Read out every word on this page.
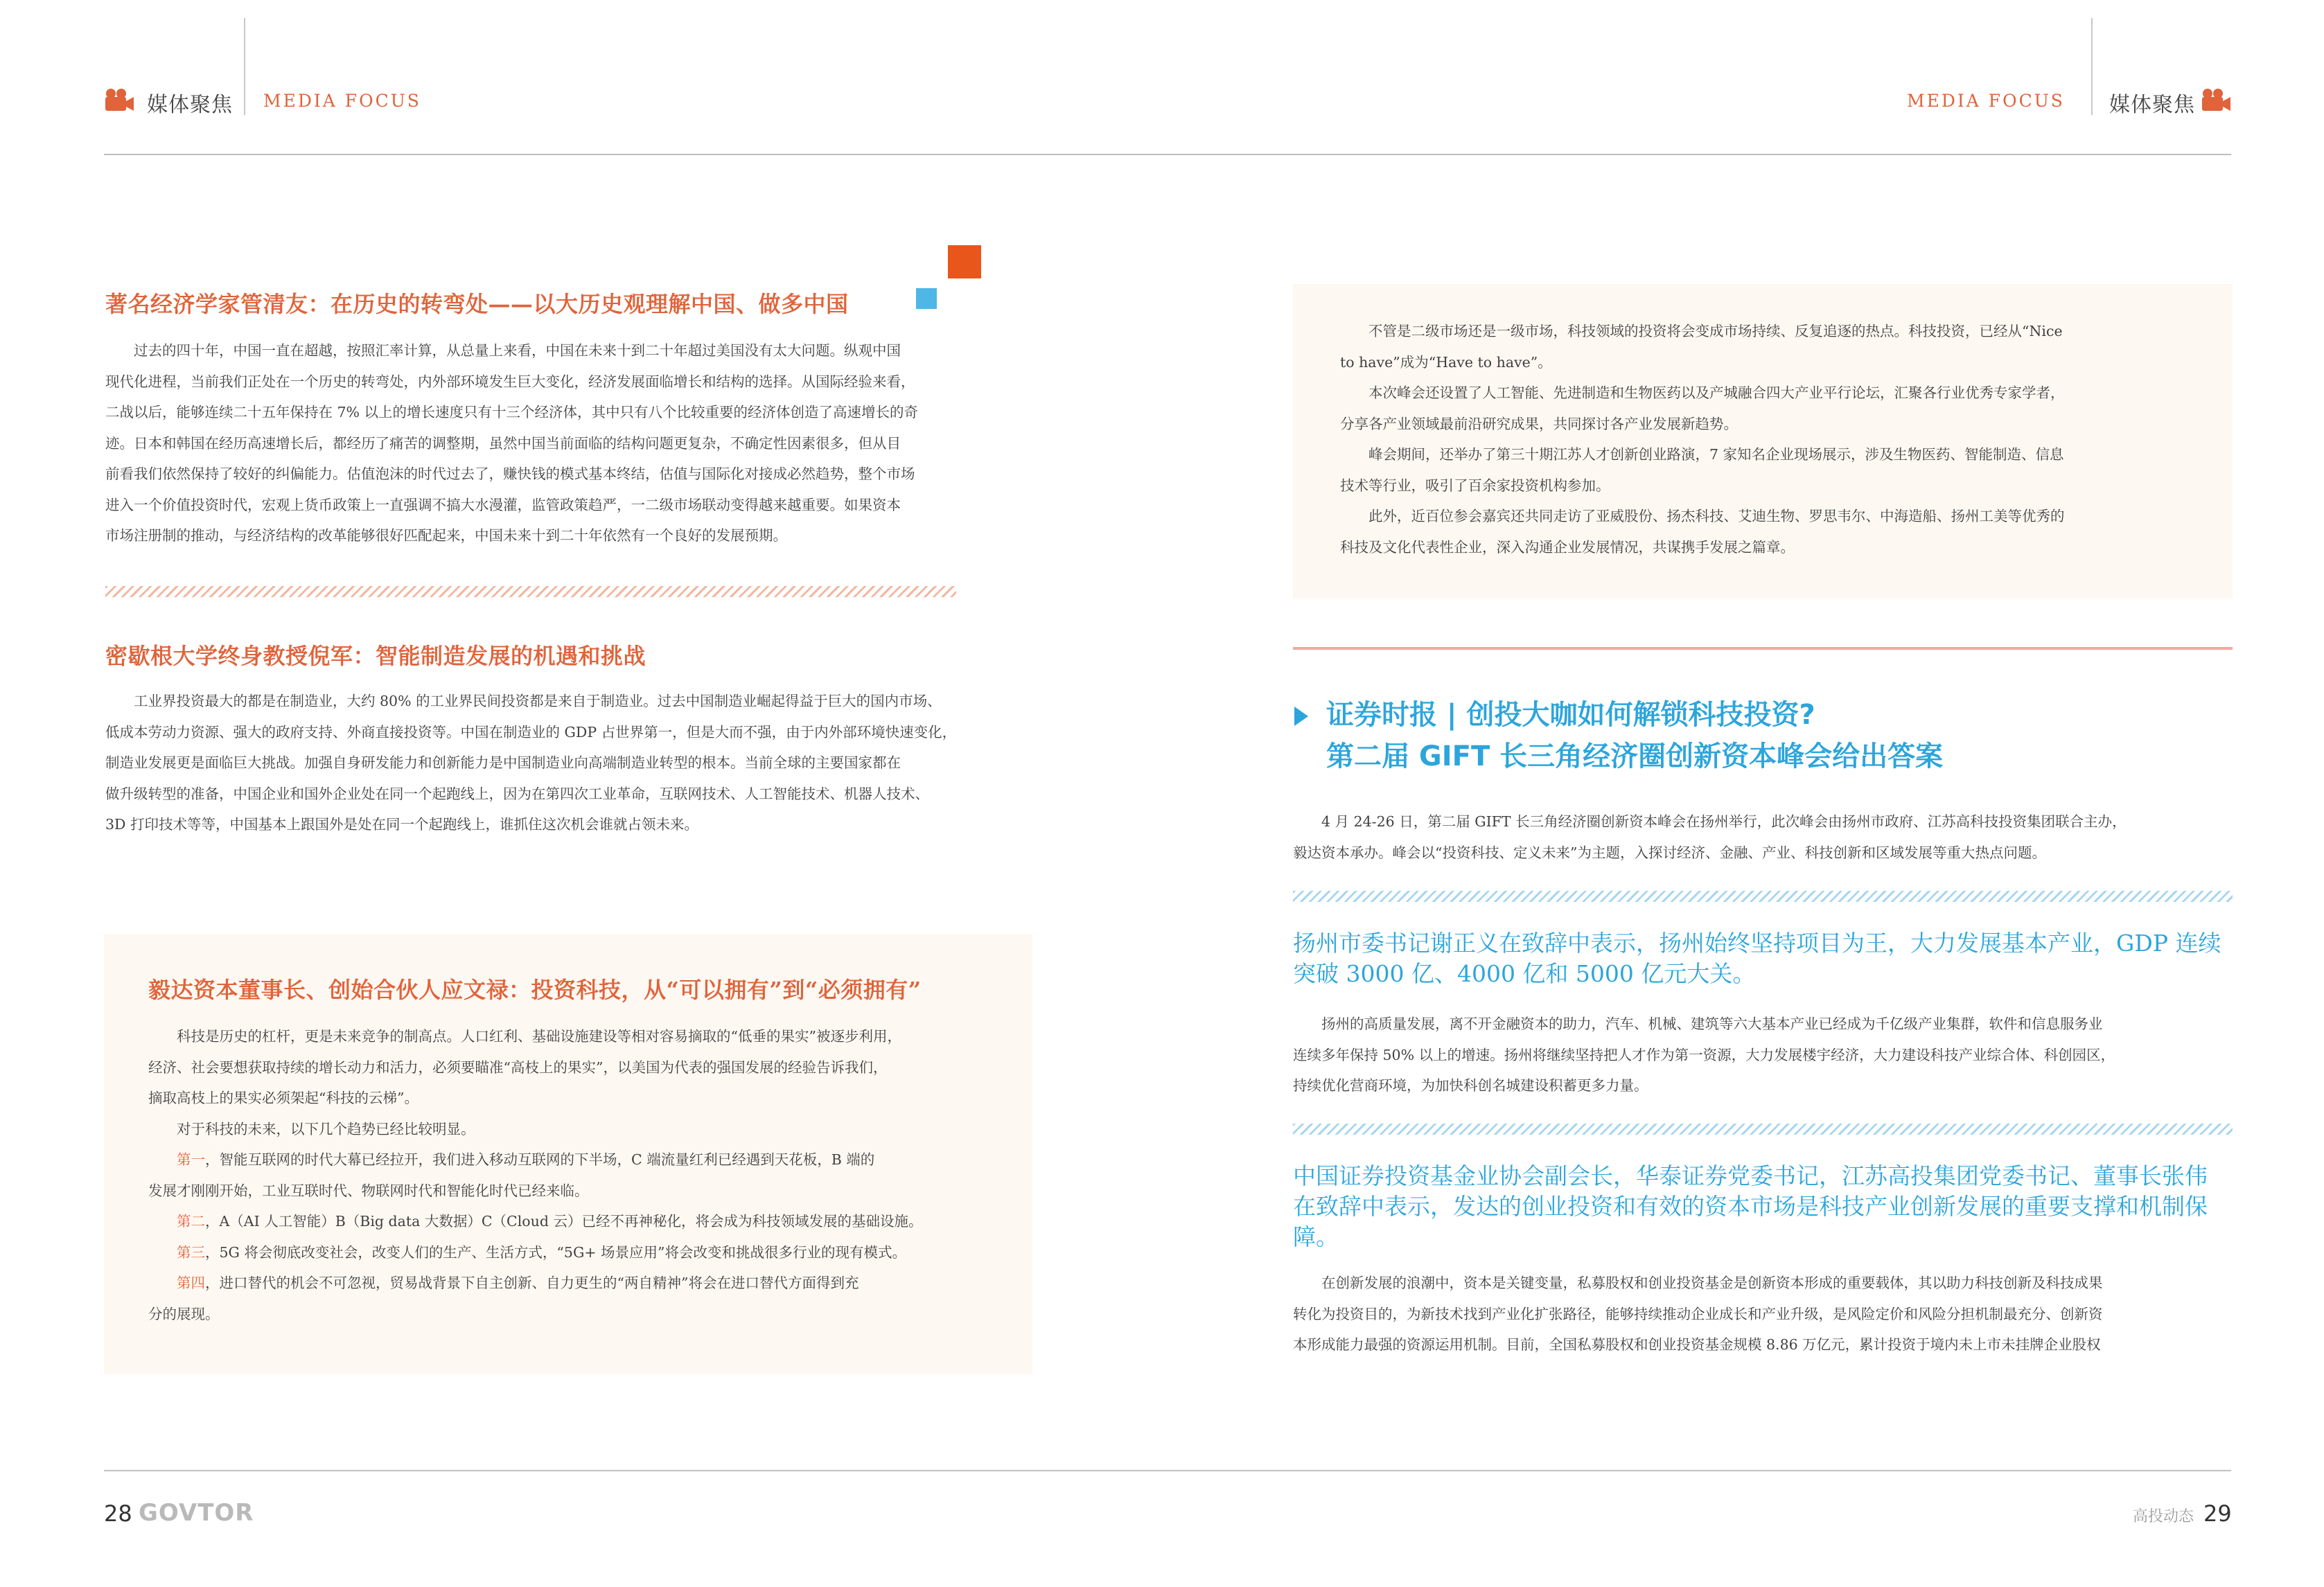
媒体聚焦 MEDIA FOCUS	MEDIA FOCUS 媒体聚焦
著名经济学家管清友：在历史的转弯处——以大历史观理解中国、做多中国
过去的四十年，中国一直在超越，按照汇率计算，从总量上来看，中国在未来十到二十年超过美国没有太大问题。纵观中国
现代化进程，当前我们正处在一个历史的转弯处，内外部环境发生巨大变化，经济发展面临增长和结构的选择。从国际经验来看，
二战以后，能够连续二十五年保持在 7% 以上的增长速度只有十三个经济体，其中只有八个比较重要的经济体创造了高速增长的奇
迹。日本和韩国在经历高速增长后，都经历了痛苦的调整期，虽然中国当前面临的结构问题更复杂，不确定性因素很多，但从目
前看我们依然保持了较好的纠偏能力。估值泡沫的时代过去了，赚快钱的模式基本终结，估值与国际化对接成必然趋势，整个市场
进入一个价值投资时代，宏观上货币政策上一直强调不搞大水漫灌，监管政策趋严，一二级市场联动变得越来越重要。如果资本
市场注册制的推动，与经济结构的改革能够很好匹配起来，中国未来十到二十年依然有一个良好的发展预期。
密歇根大学终身教授倪军：智能制造发展的机遇和挑战
工业界投资最大的都是在制造业，大约 80% 的工业界民间投资都是来自于制造业。过去中国制造业崛起得益于巨大的国内市场、
低成本劳动力资源、强大的政府支持、外商直接投资等。中国在制造业的 GDP 占世界第一，但是大而不强，由于内外部环境快速变化，
制造业发展更是面临巨大挑战。加强自身研发能力和创新能力是中国制造业向高端制造业转型的根本。当前全球的主要国家都在
做升级转型的准备，中国企业和国外企业处在同一个起跑线上，因为在第四次工业革命，互联网技术、人工智能技术、机器人技术、
3D 打印技术等等，中国基本上跟国外是处在同一个起跑线上，谁抓住这次机会谁就占领未来。
毅达资本董事长、创始合伙人应文禄：投资科技，从“可以拥有”到“必须拥有”
科技是历史的杠杆，更是未来竞争的制高点。人口红利、基础设施建设等相对容易摘取的“低垂的果实”被逐步利用，
经济、社会要想获取持续的增长动力和活力，必须要瞄准“高枝上的果实”，以美国为代表的强国发展的经验告诉我们，
摘取高枝上的果实必须架起“科技的云梯”。
对于科技的未来，以下几个趋势已经比较明显。
第一，智能互联网的时代大幕已经拉开，我们进入移动互联网的下半场，C 端流量红利已经遇到天花板，B 端的
发展才刚刚开始，工业互联时代、物联网时代和智能化时代已经来临。
第二，A（AI 人工智能）B（Big data 大数据）C（Cloud 云）已经不再神秘化，将会成为科技领域发展的基础设施。
第三，5G 将会彻底改变社会，改变人们的生产、生活方式，“5G+ 场景应用”将会改变和挑战很多行业的现有模式。
第四，进口替代的机会不可忽视，贸易战背景下自主创新、自力更生的“两自精神”将会在进口替代方面得到充
分的展现。
不管是二级市场还是一级市场，科技领域的投资将会变成市场持续、反复追逐的热点。科技投资，已经从“Nice
to have”成为“Have to have”。
本次峰会还设置了人工智能、先进制造和生物医药以及产城融合四大产业平行论坛，汇聚各行业优秀专家学者，
分享各产业领域最前沿研究成果，共同探讨各产业发展新趋势。
峰会期间，还举办了第三十期江苏人才创新创业路演，7 家知名企业现场展示，涉及生物医药、智能制造、信息
技术等行业，吸引了百余家投资机构参加。
此外，近百位参会嘉宾还共同走访了亚威股份、扬杰科技、艾迪生物、罗思韦尔、中海造船、扬州工美等优秀的
科技及文化代表性企业，深入沟通企业发展情况，共谋携手发展之篇章。
证券时报 | 创投大咖如何解锁科技投资?
第二届 GIFT 长三角经济圈创新资本峰会给出答案
4 月 24-26 日，第二届 GIFT 长三角经济圈创新资本峰会在扬州举行，此次峰会由扬州市政府、江苏高科技投资集团联合主办，
毅达资本承办。峰会以“投资科技、定义未来”为主题，入探讨经济、金融、产业、科技创新和区域发展等重大热点问题。
扬州市委书记谢正义在致辞中表示，扬州始终坚持项目为王，大力发展基本产业，GDP 连续
突破 3000 亿、4000 亿和 5000 亿元大关。
扬州的高质量发展，离不开金融资本的助力，汽车、机械、建筑等六大基本产业已经成为千亿级产业集群，软件和信息服务业
连续多年保持 50% 以上的增速。扬州将继续坚持把人才作为第一资源，大力发展楼宇经济，大力建设科技产业综合体、科创园区，
持续优化营商环境，为加快科创名城建设积蓄更多力量。
中国证券投资基金业协会副会长，华泰证券党委书记，江苏高投集团党委书记、董事长张伟
在致辞中表示，发达的创业投资和有效的资本市场是科技产业创新发展的重要支撑和机制保
障。
在创新发展的浪潮中，资本是关键变量，私募股权和创业投资基金是创新资本形成的重要载体，其以助力科技创新及科技成果
转化为投资目的，为新技术找到产业化扩张路径，能够持续推动企业成长和产业升级，是风险定价和风险分担机制最充分、创新资
本形成能力最强的资源运用机制。目前，全国私募股权和创业投资基金规模 8.86 万亿元，累计投资于境内未上市未挂牌企业股权
28 GOVTOR	高投动态 29
